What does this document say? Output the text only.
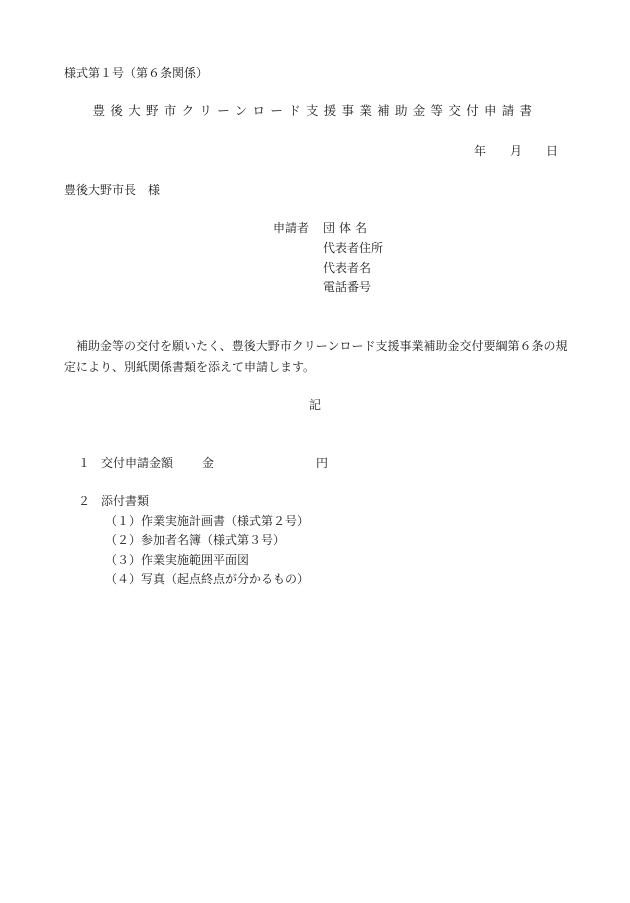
様式第１号（第６条関係）
豊後大野市クリーンロード支援事業補助金等交付申請書
年 月 日
豊後大野市長　様
申請者 団体名
代表者住所
代表者名
電話番号
補助金等の交付を願いたく、豊後大野市クリーンロード支援事業補助金交付要綱第６条の規定により、別紙関係書類を添えて申請します。
記
１ 交付申請金額 金	円
２ 添付書類
（１）作業実施計画書（様式第２号）
（２）参加者名簿（様式第３号）
（３）作業実施範囲平面図
（４）写真（起点終点が分かるもの）
